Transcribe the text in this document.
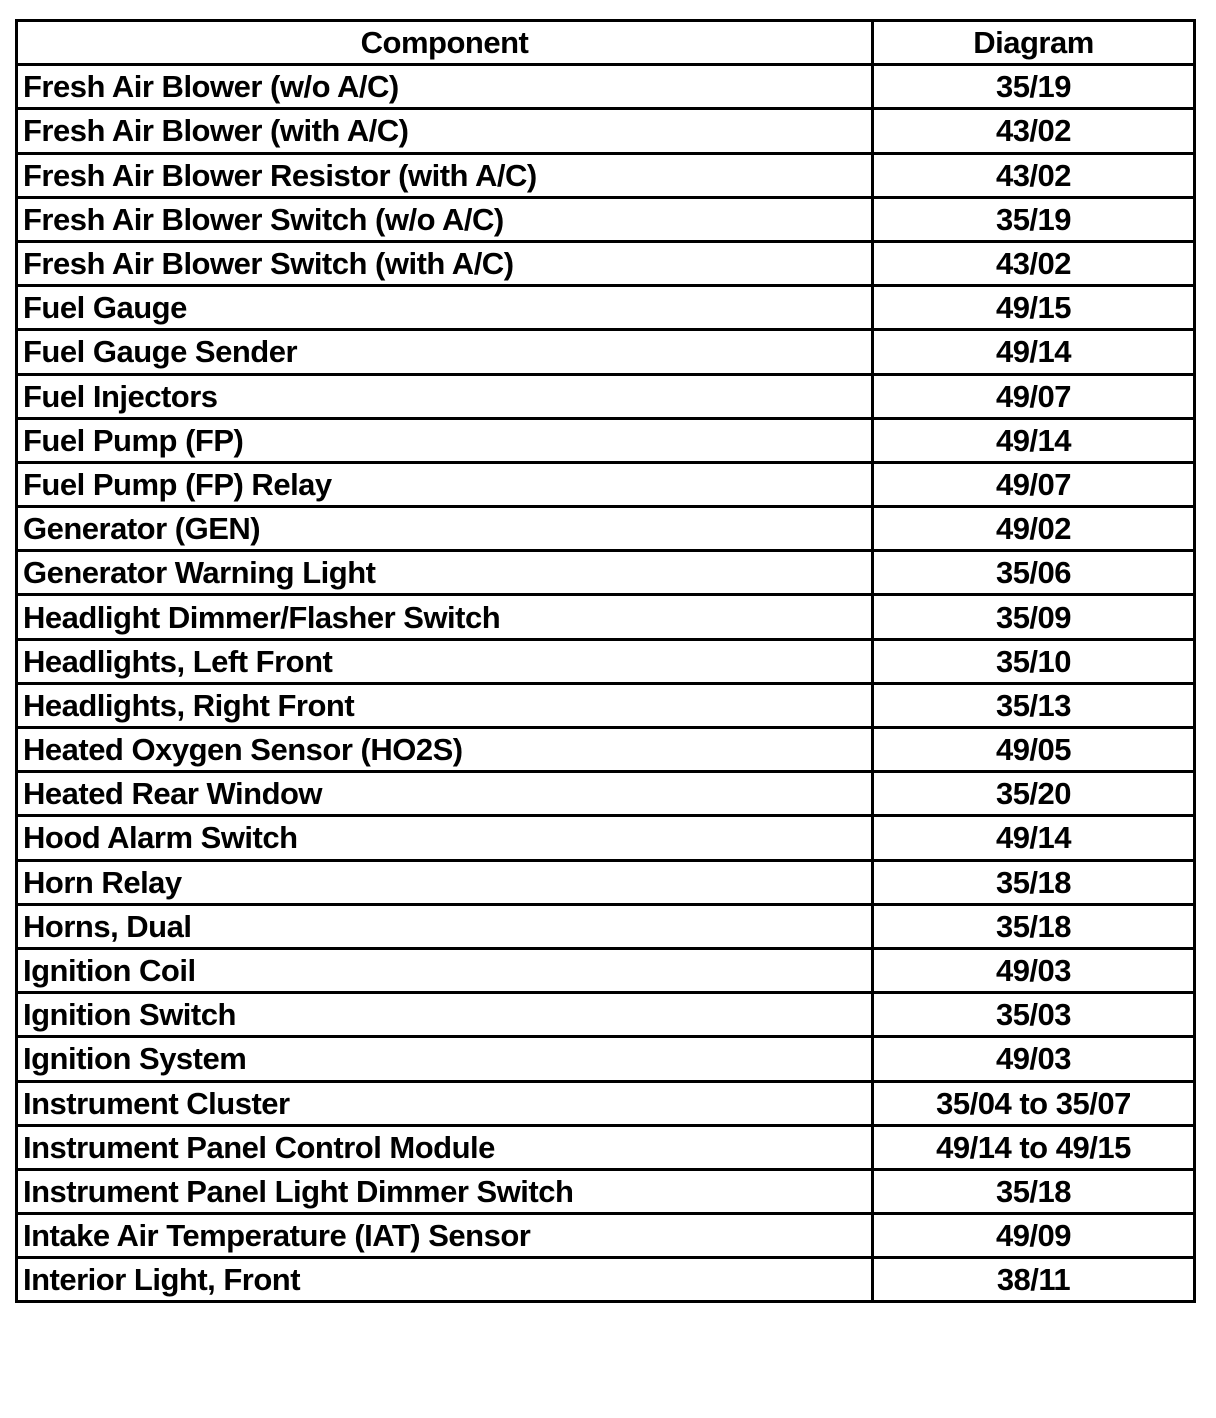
Component	Diagram
Fresh Air Blower (w/o A/C)	35/19
Fresh Air Blower (with A/C)	43/02
Fresh Air Blower Resistor (with A/C)	43/02
Fresh Air Blower Switch (w/o A/C)	35/19
Fresh Air Blower Switch (with A/C)	43/02
Fuel Gauge	49/15
Fuel Gauge Sender	49/14
Fuel Injectors	49/07
Fuel Pump (FP)	49/14
Fuel Pump (FP) Relay	49/07
Generator (GEN)	49/02
Generator Warning Light	35/06
Headlight Dimmer/Flasher Switch	35/09
Headlights, Left Front	35/10
Headlights, Right Front	35/13
Heated Oxygen Sensor (HO2S)	49/05
Heated Rear Window	35/20
Hood Alarm Switch	49/14
Horn Relay	35/18
Horns, Dual	35/18
Ignition Coil	49/03
Ignition Switch	35/03
Ignition System	49/03
Instrument Cluster	35/04 to 35/07
Instrument Panel Control Module	49/14 to 49/15
Instrument Panel Light Dimmer Switch	35/18
Intake Air Temperature (IAT) Sensor	49/09
Interior Light, Front	38/11
